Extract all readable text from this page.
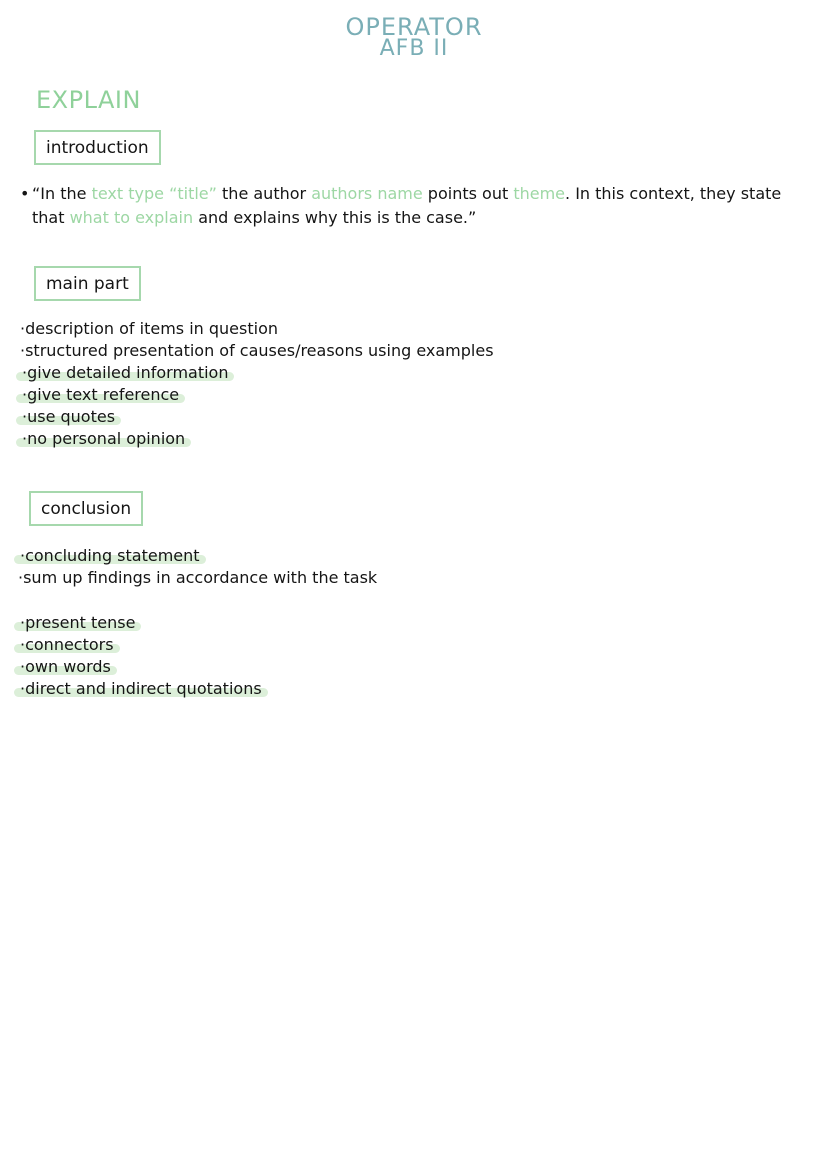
OPERATOR
AFB II
EXPLAIN
introduction
• “In the text type “title” the author authors name points out theme. In this context, they state that what to explain and explains why this is the case.”
main part
·description of items in question
·structured presentation of causes/reasons using examples
·give detailed information
·give text reference
·use quotes
·no personal opinion
conclusion
·concluding statement
·sum up findings in accordance with the task
·present tense
·connectors
·own words
·direct and indirect quotations
